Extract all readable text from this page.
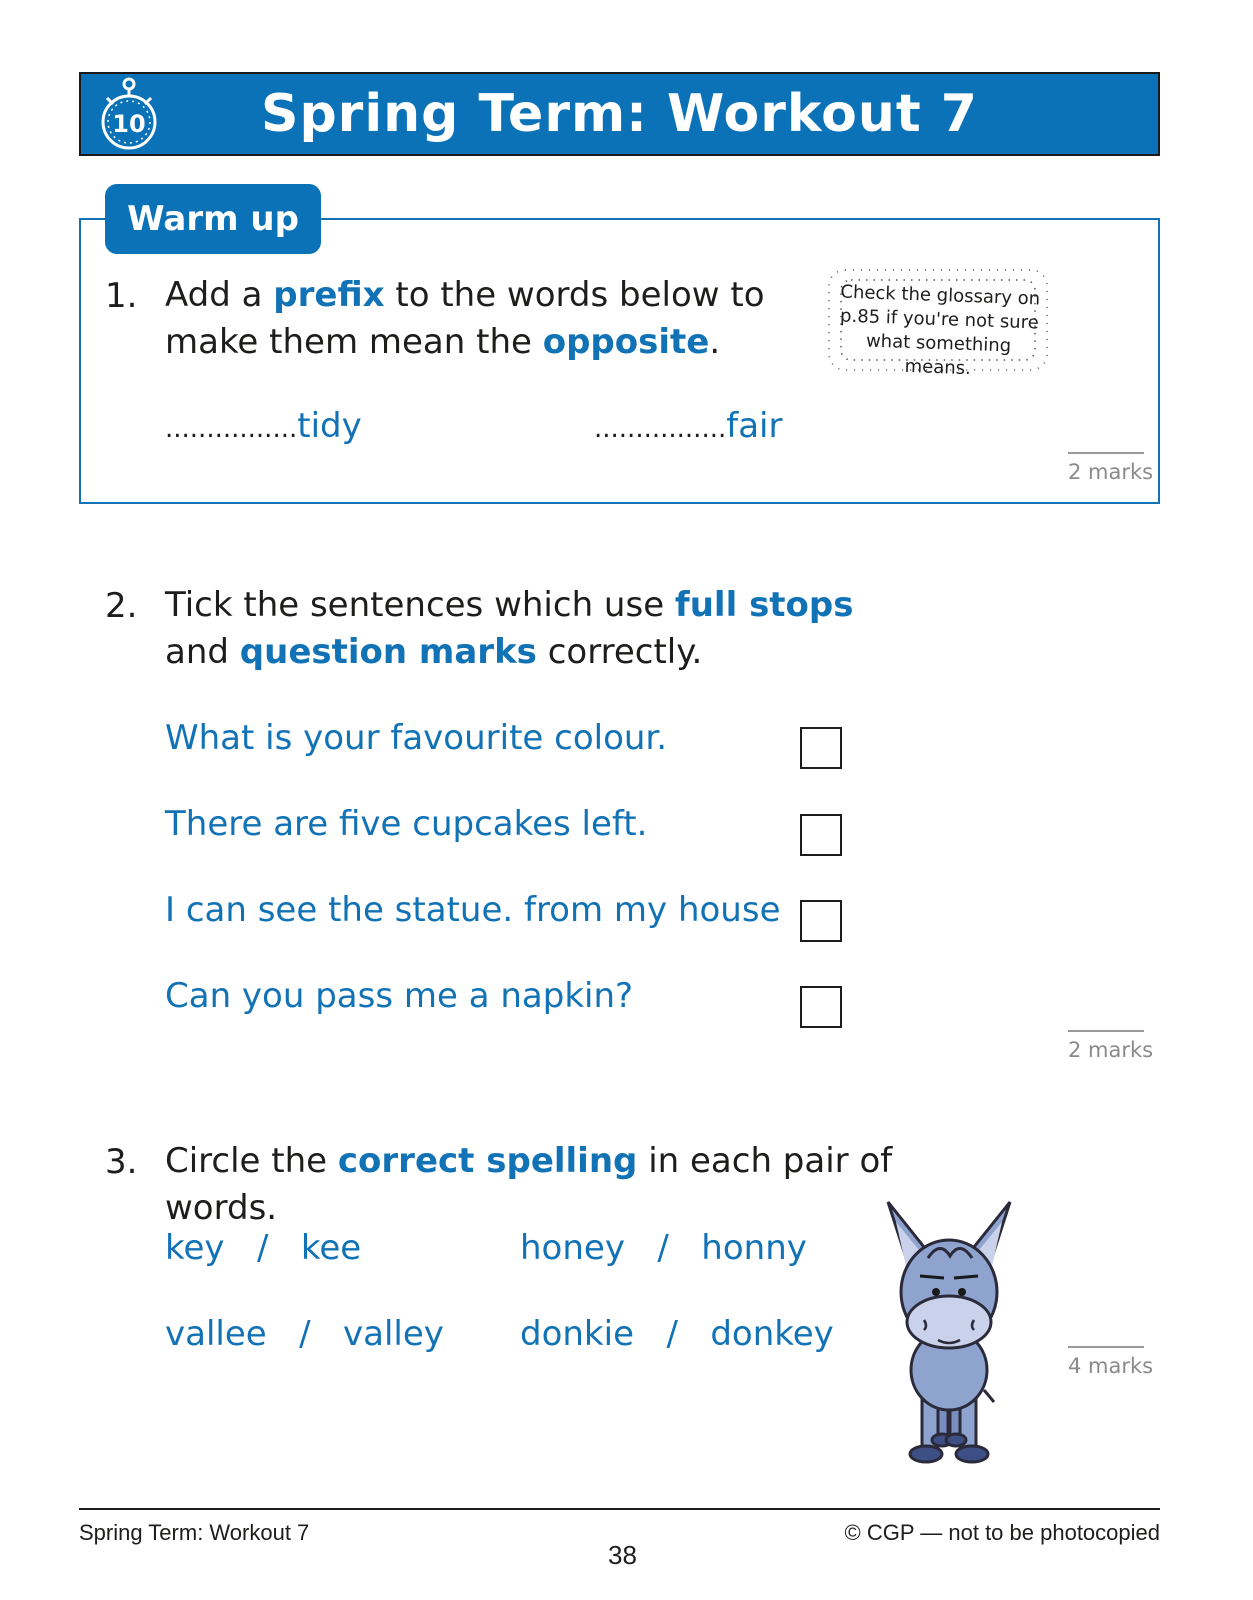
10	Spring Term: Workout 7
Warm up
1. Add a prefix to the words below to
make them mean the opposite.
Check the glossary on
p.85 if you're not sure
what something means.
................tidy	................fair
2 marks
2. Tick the sentences which use full stops
and question marks correctly.
What is your favourite colour.
There are five cupcakes left.
I can see the statue. from my house
Can you pass me a napkin?
2 marks
3. Circle the correct spelling in each pair of words.
key / kee	honey / honny
vallee / valley donkie / donkey
4 marks
Spring Term: Workout 7
38
© CGP — not to be photocopied
